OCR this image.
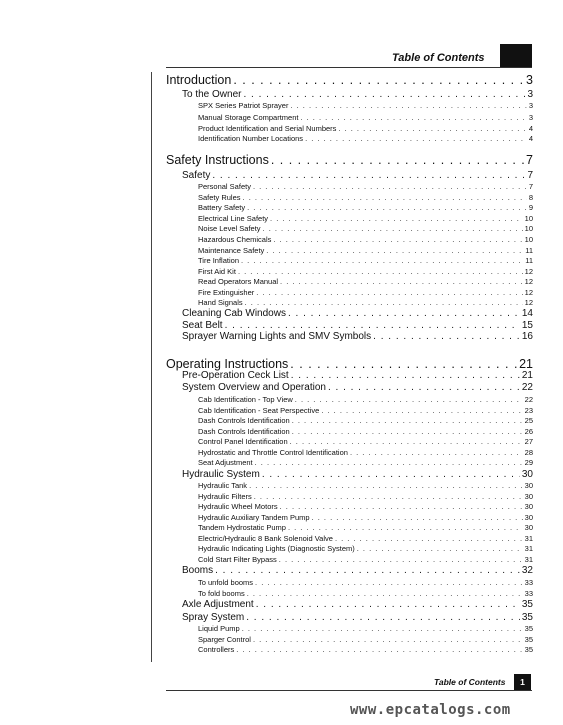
Table of Contents
Introduction . . .	3
To the Owner . . .	3
SPX Series Patriot Sprayer . . .	3
Manual Storage Compartment . . .	3
Product Identification and Serial Numbers . . .	4
Identification Number Locations . . .	4
Safety Instructions . . .	7
Safety . . .	7
Personal Safety . . .	7
Safety Rules . . .	8
Battery Safety . . .	9
Electrical Line Safety . . .	10
Noise Level Safety . . .	10
Hazardous Chemicals . . .	10
Maintenance Safety . . .	11
Tire Inflation . . .	11
First Aid Kit . . .	12
Read Operators Manual . . .	12
Fire Extinguisher . . .	12
Hand Signals . . .	12
Cleaning Cab Windows . . .	14
Seat Belt . . .	15
Sprayer Warning Lights and SMV Symbols . . .	16
Operating Instructions . . .	21
Pre-Operation Ceck List . . .	21
System Overview and Operation . . .	22
Cab Identification - Top View . . .	22
Cab Identification - Seat Perspective . . .	23
Dash Controls Identification . . .	25
Dash Controls Identification . . .	26
Control Panel Identification . . .	27
Hydrostatic and Throttle Control Identification . . .	28
Seat Adjustment . . .	29
Hydraulic System . . .	30
Hydraulic Tank . . .	30
Hydraulic Filters . . .	30
Hydraulic Wheel Motors . . .	30
Hydraulic Auxiliary Tandem Pump . . .	30
Tandem Hydrostatic Pump . . .	30
Electric/Hydraulic 8 Bank Solenoid Valve . . .	31
Hydraulic Indicating Lights (Diagnostic System) . . .	31
Cold Start Filter Bypass . . .	31
Booms . . .	32
To unfold booms . . .	33
To fold booms . . .	33
Axle Adjustment . . .	35
Spray System . . .	35
Liquid Pump . . .	35
Sparger Control . . .	35
Controllers . . .	35
Table of Contents	1
www.epcatalogs.com
